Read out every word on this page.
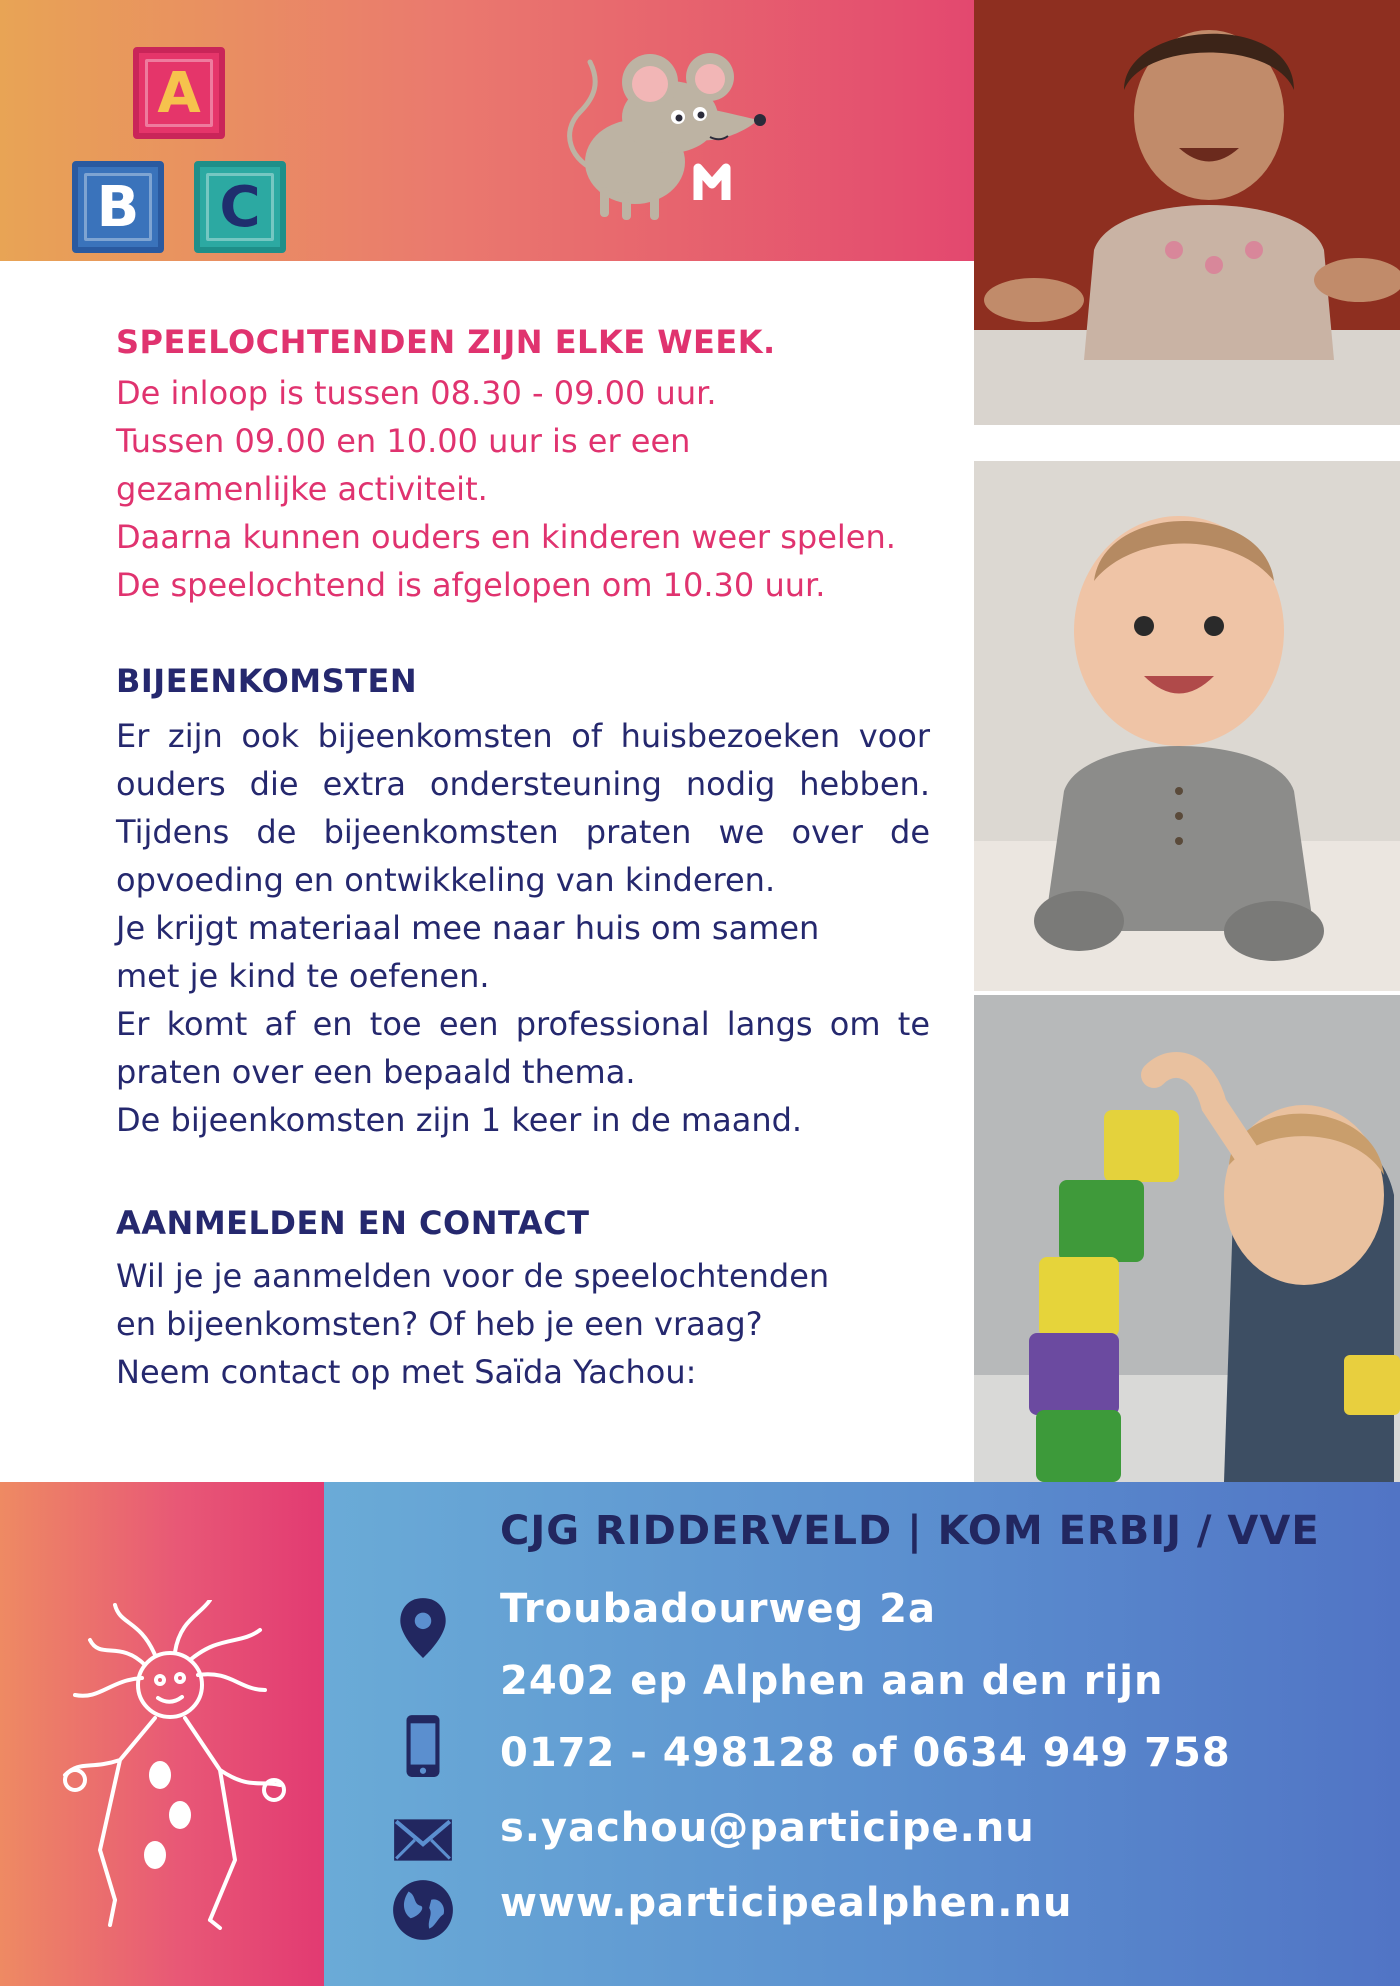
A
B C
SPEELOCHTENDEN ZIJN ELKE WEEK.

De inloop is tussen 08.30 - 09.00 uur.

Tussen 09.00 en 10.00 uur is er een

gezamenlijke activiteit.

Daarna kunnen ouders en kinderen weer spelen.

De speelochtend is afgelopen om 10.30 uur.

BIJEENKOMSTEN

Er zijn ook bijeenkomsten of huisbezoeken voor ouders die extra ondersteuning nodig hebben. Tijdens de bijeenkomsten praten we over de opvoeding en ontwikkeling van kinderen.

Je krijgt materiaal mee naar huis om samen

met je kind te oefenen.

Er komt af en toe een professional langs om te praten over een bepaald thema.

De bijeenkomsten zijn 1 keer in de maand.

AANMELDEN EN CONTACT

Wil je je aanmelden voor de speelochtenden

en bijeenkomsten? Of heb je een vraag?

Neem contact op met Saïda Yachou:

CJG RIDDERVELD | KOM ERBIJ / VVE
Troubadourweg 2a
2402 ep Alphen aan den rijn
0172 - 498128 of 0634 949 758
s.yachou@participe.nu
www.participealphen.nu
